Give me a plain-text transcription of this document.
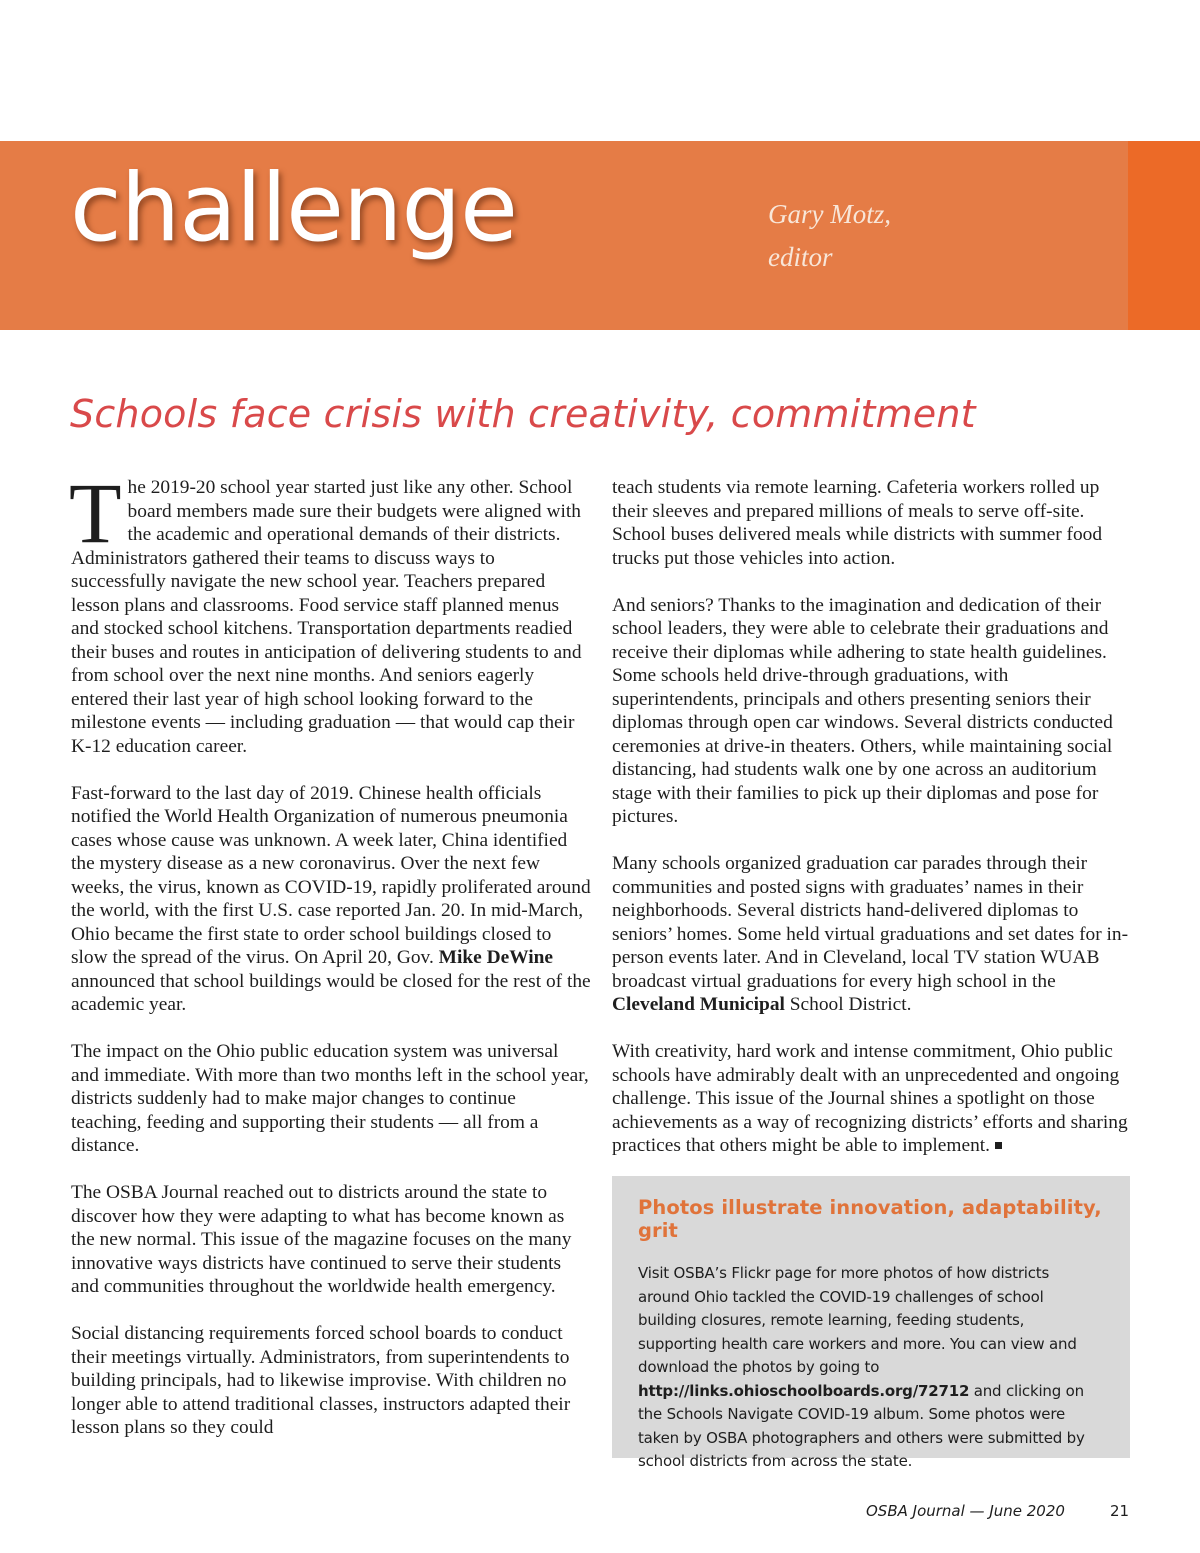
challenge	Gary Motz,
editor
Schools face crisis with creativity, commitment

The 2019-20 school year started just like any other. School board members made sure their budgets were aligned with the academic and operational demands of their districts. Administrators gathered their teams to discuss ways to successfully navigate the new school year. Teachers prepared lesson plans and classrooms. Food service staff planned menus and stocked school kitchens. Transportation departments readied their buses and routes in anticipation of delivering students to and from school over the next nine months. And seniors eagerly entered their last year of high school looking forward to the milestone events — including graduation — that would cap their K-12 education career.

Fast-forward to the last day of 2019. Chinese health officials notified the World Health Organization of numerous pneumonia cases whose cause was unknown. A week later, China identified the mystery disease as a new coronavirus. Over the next few weeks, the virus, known as COVID-19, rapidly proliferated around the world, with the first U.S. case reported Jan. 20. In mid-March, Ohio became the first state to order school buildings closed to slow the spread of the virus. On April 20, Gov. Mike DeWine announced that school buildings would be closed for the rest of the academic year.

The impact on the Ohio public education system was universal and immediate. With more than two months left in the school year, districts suddenly had to make major changes to continue teaching, feeding and supporting their students — all from a distance.

The OSBA Journal reached out to districts around the state to discover how they were adapting to what has become known as the new normal. This issue of the magazine focuses on the many innovative ways districts have continued to serve their students and communities throughout the worldwide health emergency.

Social distancing requirements forced school boards to conduct their meetings virtually. Administrators, from superintendents to building principals, had to likewise improvise. With children no longer able to attend traditional classes, instructors adapted their lesson plans so they could

teach students via remote learning. Cafeteria workers rolled up their sleeves and prepared millions of meals to serve off-site. School buses delivered meals while districts with summer food trucks put those vehicles into action.

And seniors? Thanks to the imagination and dedication of their school leaders, they were able to celebrate their graduations and receive their diplomas while adhering to state health guidelines. Some schools held drive-through graduations, with superintendents, principals and others presenting seniors their diplomas through open car windows. Several districts conducted ceremonies at drive-in theaters. Others, while maintaining social distancing, had students walk one by one across an auditorium stage with their families to pick up their diplomas and pose for pictures.

Many schools organized graduation car parades through their communities and posted signs with graduates’ names in their neighborhoods. Several districts hand-delivered diplomas to seniors’ homes. Some held virtual graduations and set dates for in-person events later. And in Cleveland, local TV station WUAB broadcast virtual graduations for every high school in the Cleveland Municipal School District.

With creativity, hard work and intense commitment, Ohio public schools have admirably dealt with an unprecedented and ongoing challenge. This issue of the Journal shines a spotlight on those achievements as a way of recognizing districts’ efforts and sharing practices that others might be able to implement.

Photos illustrate innovation, adaptability, grit

Visit OSBA’s Flickr page for more photos of how districts around Ohio tackled the COVID-19 challenges of school building closures, remote learning, feeding students, supporting health care workers and more. You can view and download the photos by going to http://links.ohioschoolboards.org/72712 and clicking on the Schools Navigate COVID-19 album. Some photos were taken by OSBA photographers and others were submitted by school districts from across the state.

OSBA Journal — June 2020	21
